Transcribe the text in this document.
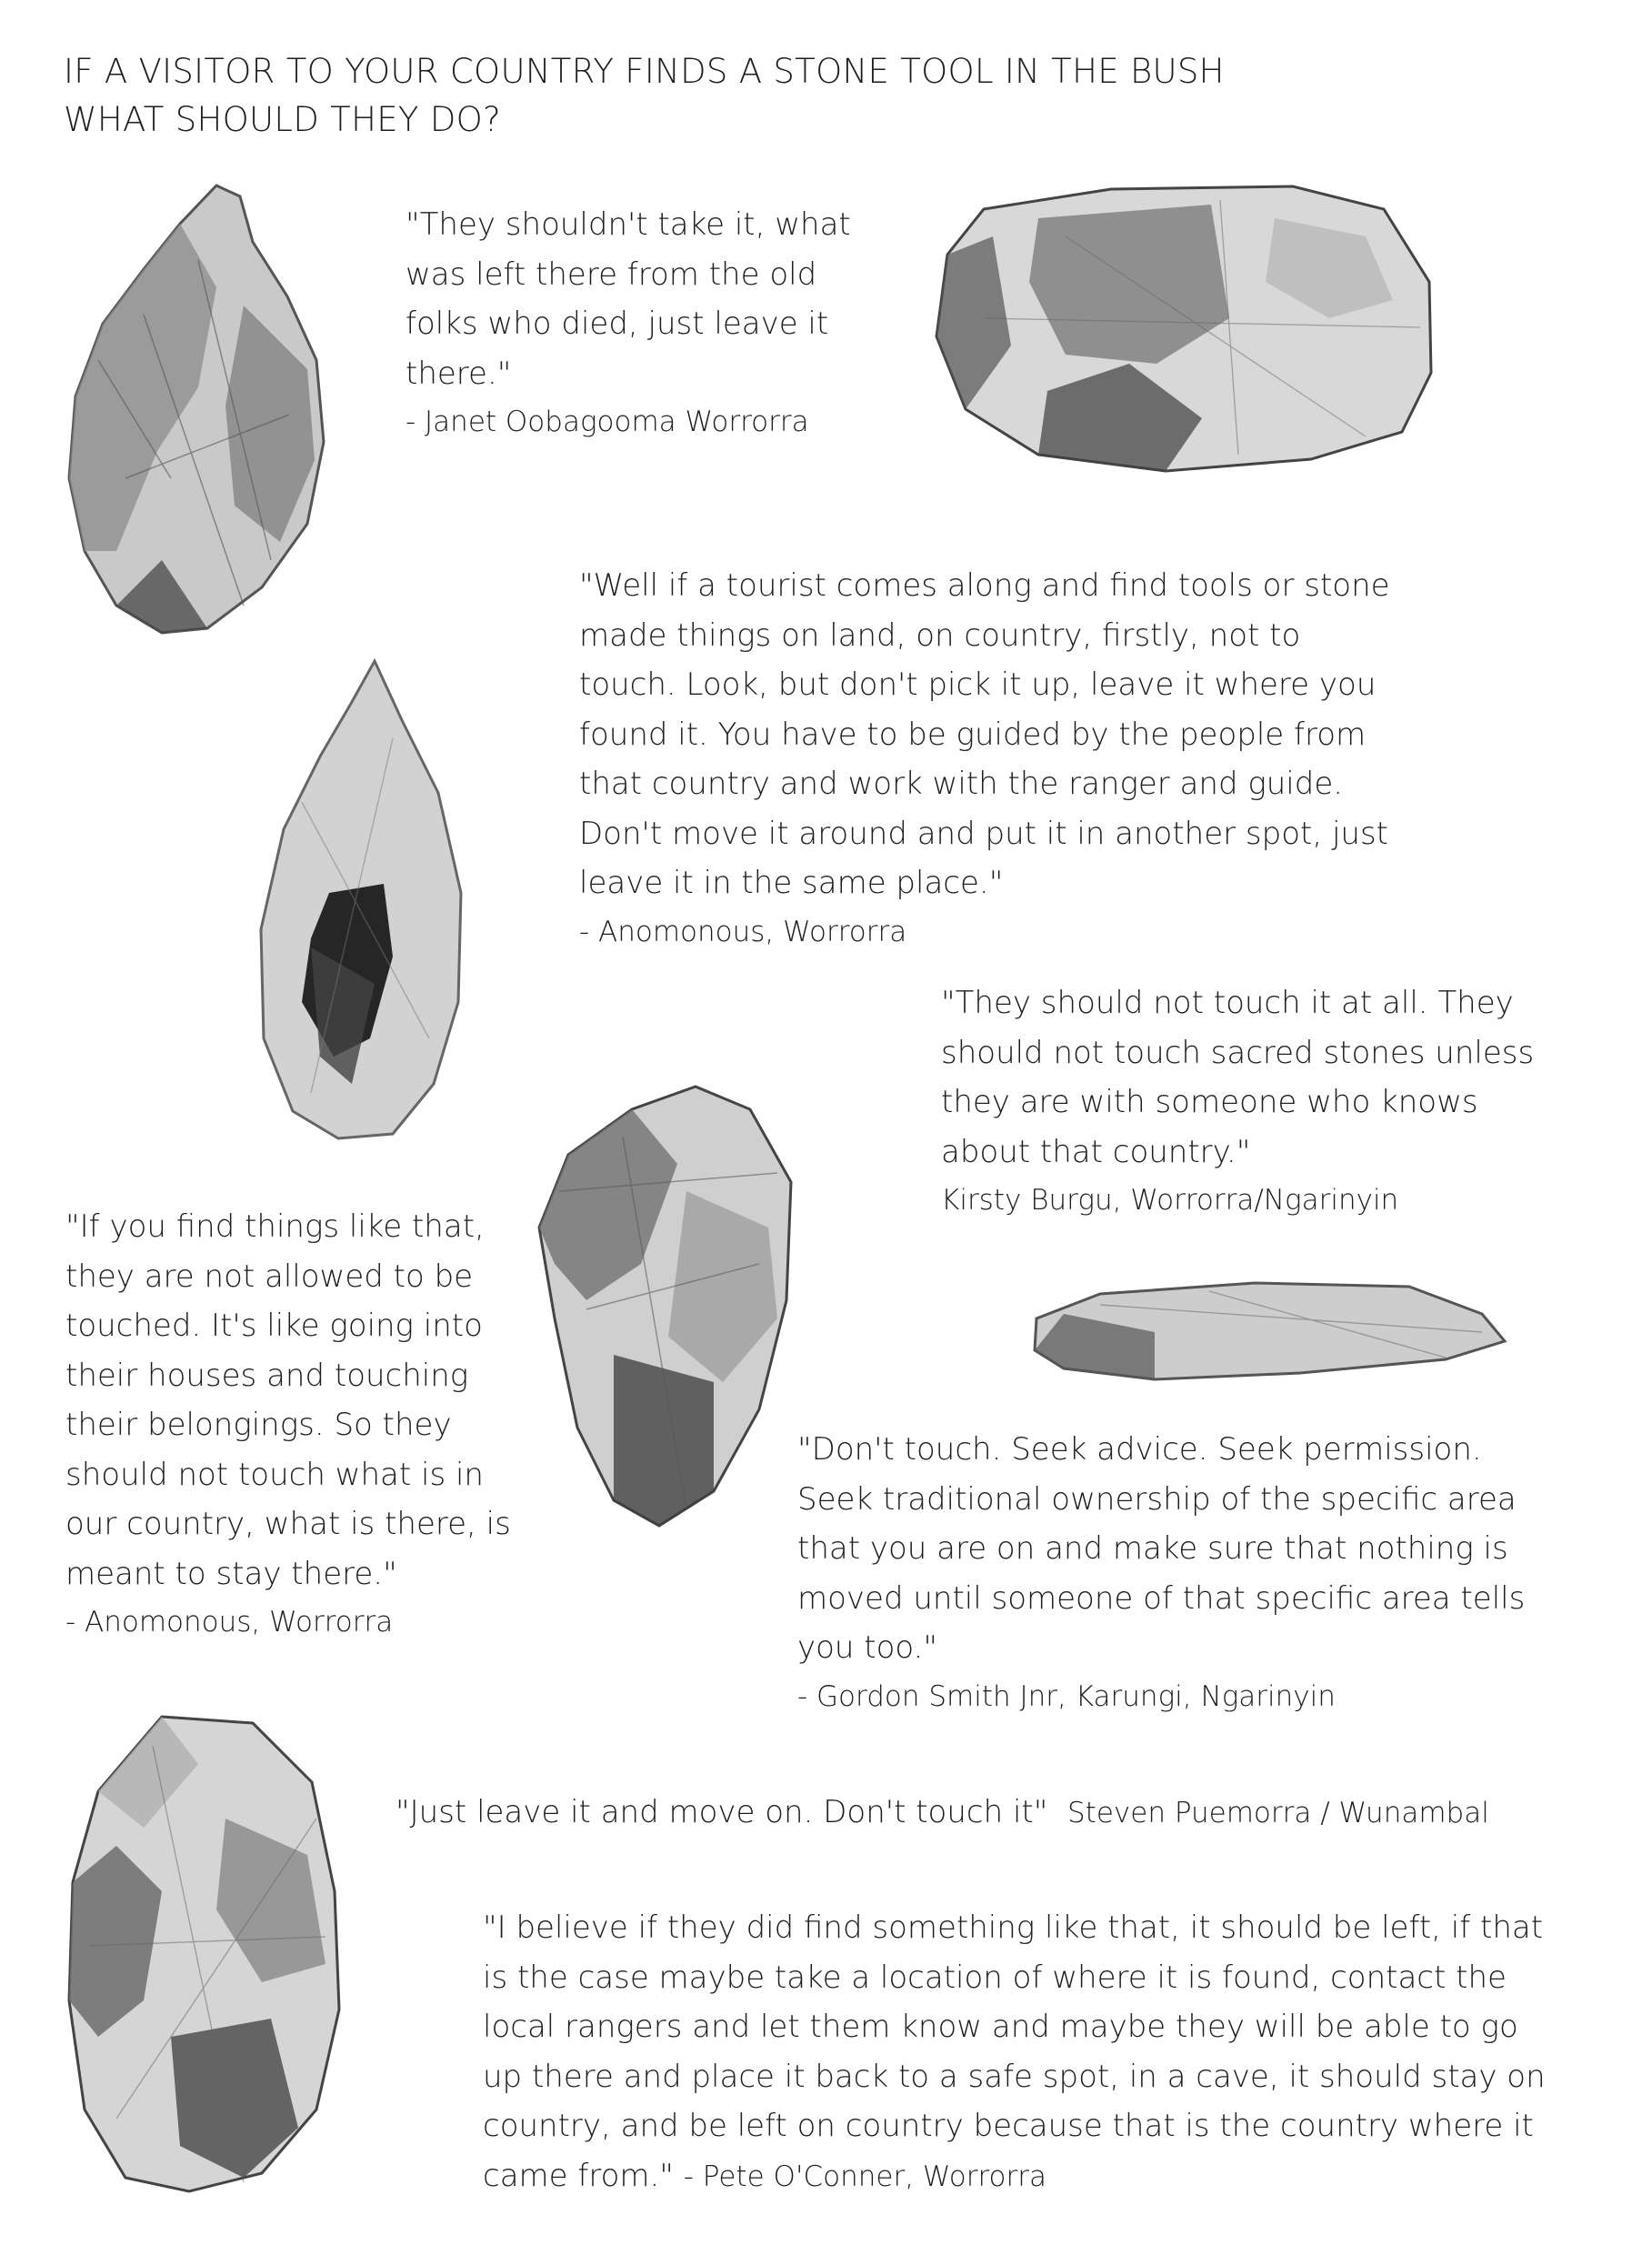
IF A VISITOR TO YOUR COUNTRY FINDS A STONE TOOL IN THE BUSH
WHAT SHOULD THEY DO?

"They shouldn't take it, what was left there from the old folks who died, just leave it there."

- Janet Oobagooma Worrorra

"Well if a tourist comes along and find tools or stone made things on land, on country, firstly, not to touch. Look, but don't pick it up, leave it where you found it. You have to be guided by the people from that country and work with the ranger and guide. Don't move it around and put it in another spot, just leave it in the same place."

- Anomonous, Worrorra

"They should not touch it at all. They should not touch sacred stones unless they are with someone who knows about that country."

Kirsty Burgu, Worrorra/Ngarinyin

"If you find things like that, they are not allowed to be touched. It's like going into their houses and touching their belongings. So they should not touch what is in our country, what is there, is meant to stay there."

- Anomonous, Worrorra

"Don't touch. Seek advice. Seek permission. Seek traditional ownership of the specific area that you are on and make sure that nothing is moved until someone of that specific area tells you too."

- Gordon Smith Jnr, Karungi, Ngarinyin

"Just leave it and move on. Don't touch it" Steven Puemorra / Wunambal

"I believe if they did find something like that, it should be left, if that is the case maybe take a location of where it is found, contact the local rangers and let them know and maybe they will be able to go up there and place it back to a safe spot, in a cave, it should stay on country, and be left on country because that is the country where it came from." - Pete O'Conner, Worrorra
